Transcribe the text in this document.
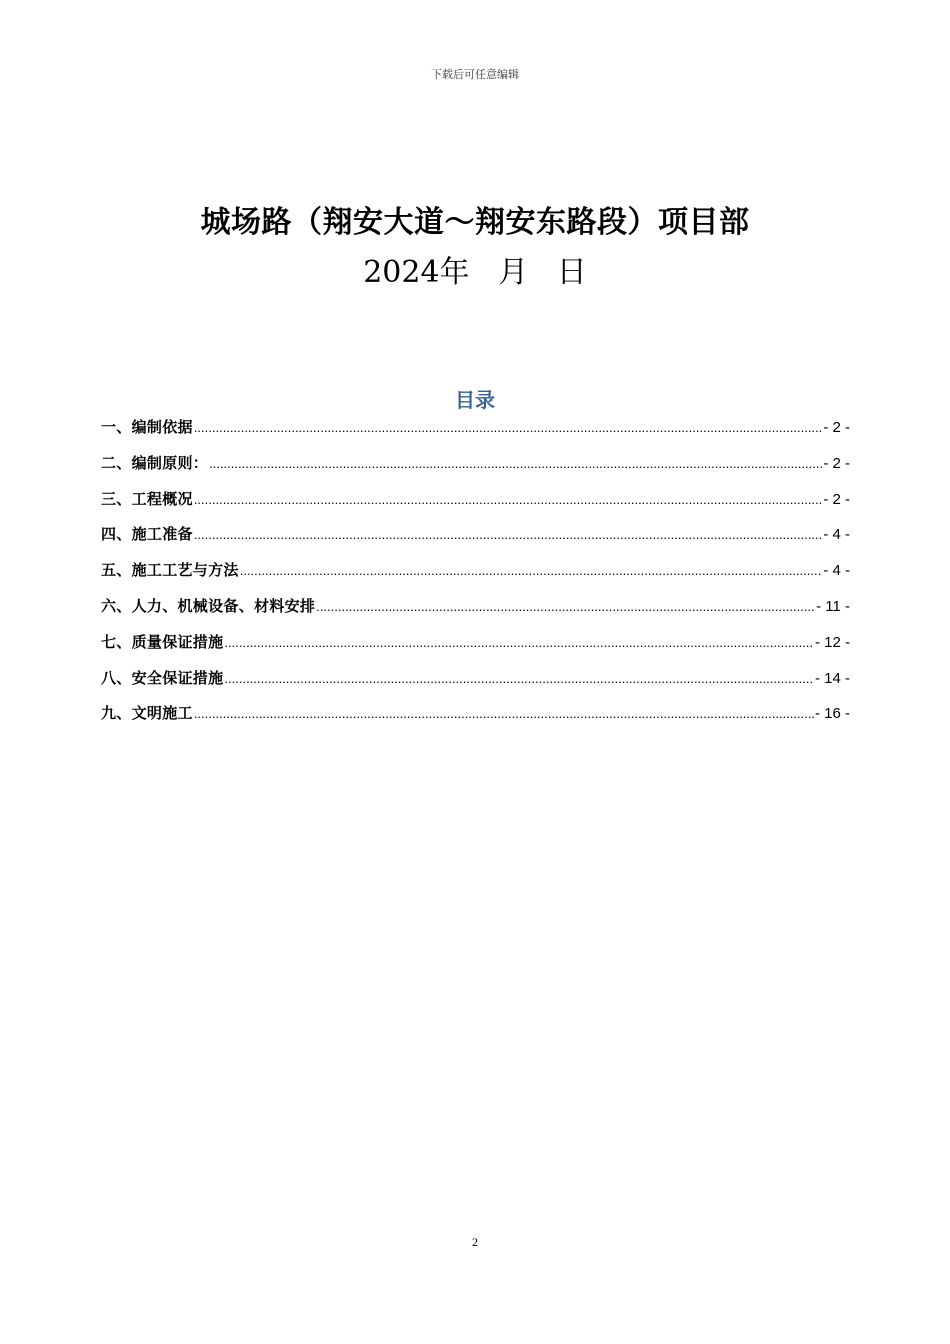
下载后可任意编辑
城场路（翔安大道～翔安东路段）项目部
2024年   月   日
目录
一、编制依据 .....	- 2 -
二、编制原则： .....	- 2 -
三、工程概况 .....	- 2 -
四、施工准备 .....	- 4 -
五、施工工艺与方法 .....	- 4 -
六、人力、机械设备、材料安排 .....	- 11 -
七、质量保证措施 .....	- 12 -
八、安全保证措施 .....	- 14 -
九、文明施工 .....	- 16 -
2
